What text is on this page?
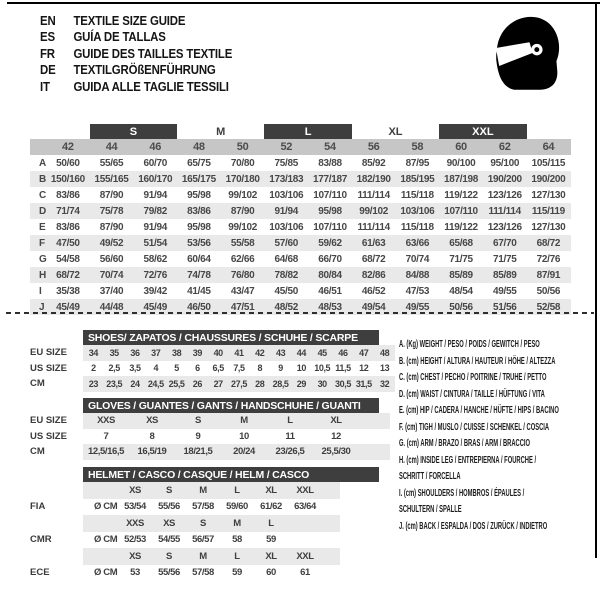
EN	TEXTILE SIZE GUIDE
ES	GUÍA DE TALLAS
FR	GUIDE DES TAILLES TEXTILE
DE	TEXTILGRÖßENFÜHRUNG
IT	GUIDA ALLE TAGLIE TESSILI
S	M	L	XL	XXL
42	44	46	48	50	52	54	56	58	60	62	64
A 50/60	55/65	60/70	65/75	70/80	75/85	83/88	85/92	87/95	90/100	95/100	105/115
B 150/160 155/165 160/170 165/175 170/180 173/183 177/187 182/190 185/195 187/198 190/200 190/200
C 83/86	87/90	91/94	95/98	99/102	103/106 107/110	111/114	115/118	119/122 123/126 127/130
D 71/74	75/78	79/82	83/86	87/90	91/94	95/98	99/102	103/106 107/110	111/114	115/119
E	83/86	87/90	91/94	95/98	99/102	103/106 107/110	111/114	115/118	119/122 123/126 127/130
F	47/50	49/52	51/54	53/56	55/58	57/60	59/62	61/63	63/66	65/68	67/70	68/72
G 54/58	56/60	58/62	60/64	62/66	64/68	66/70	68/72	70/74	71/75	71/75	72/76
H 68/72	70/74	72/76	74/78	76/80	78/82	80/84	82/86	84/88	85/89	85/89	87/91
I	35/38	37/40	39/42	41/45	43/47	45/50	46/51	46/52	47/53	48/54	49/55	50/56
J	45/49	44/48	45/49	46/50	47/51	48/52	48/53	49/54	49/55	50/56	51/56	52/58
SHOES/ ZAPATOS / CHAUSSURES / SCHUHE / SCARPE
EU SIZE	34	35	36	37	38	39	40	41	42	43	44	45	46	47	48
US SIZE	2	2,5	3,5	4	5	6	6,5	7,5	8	9	10 10,5 11,5 12	13
CM	23 23,5 24 24,5 25,5 26	27 27,5 28 28,5 29	30 30,5 31,5 32
GLOVES / GUANTES / GANTS / HANDSCHUHE / GUANTI
EU SIZE	XXS	XS	S	M	L	XL
US SIZE	7	8	9	10	11	12
CM	12,5/16,5	16,5/19	18/21,5	20/24	23/26,5	25,5/30
HELMET / CASCO / CASQUE / HELM / CASCO
XS	S	M	L	XL	XXL
FIA	Ø CM 53/54	55/56	57/58	59/60	61/62	63/64
XXS	XS	S	M	L
CMR	Ø CM 52/53	54/55	56/57	58	59
XS	S	M	L	XL	XXL
ECE	Ø CM	53	55/56	57/58	59	60	61
A. (Kg) WEIGHT / PESO / POIDS / GEWITCH / PESO
B. (cm) HEIGHT / ALTURA / HAUTEUR / HÖHE / ALTEZZA
C. (cm) CHEST / PECHO / POITRINE / TRUHE / PETTO
D. (cm) WAIST / CINTURA / TAILLE / HÜFTUNG / VITA
E. (cm) HIP / CADERA / HANCHE / HÜFTE / HIPS / BACINO
F. (cm) TIGH / MUSLO / CUISSE / SCHENKEL / COSCIA
G. (cm) ARM / BRAZO / BRAS / ARM / BRACCIO
H. (cm) INSIDE LEG / ENTREPIERNA / FOURCHE /
SCHRITT / FORCELLA
I. (cm) SHOULDERS / HOMBROS / ÉPAULES /
SCHULTERN / SPALLE
J. (cm) BACK / ESPALDA / DOS / ZURÜCK / INDIETRO
